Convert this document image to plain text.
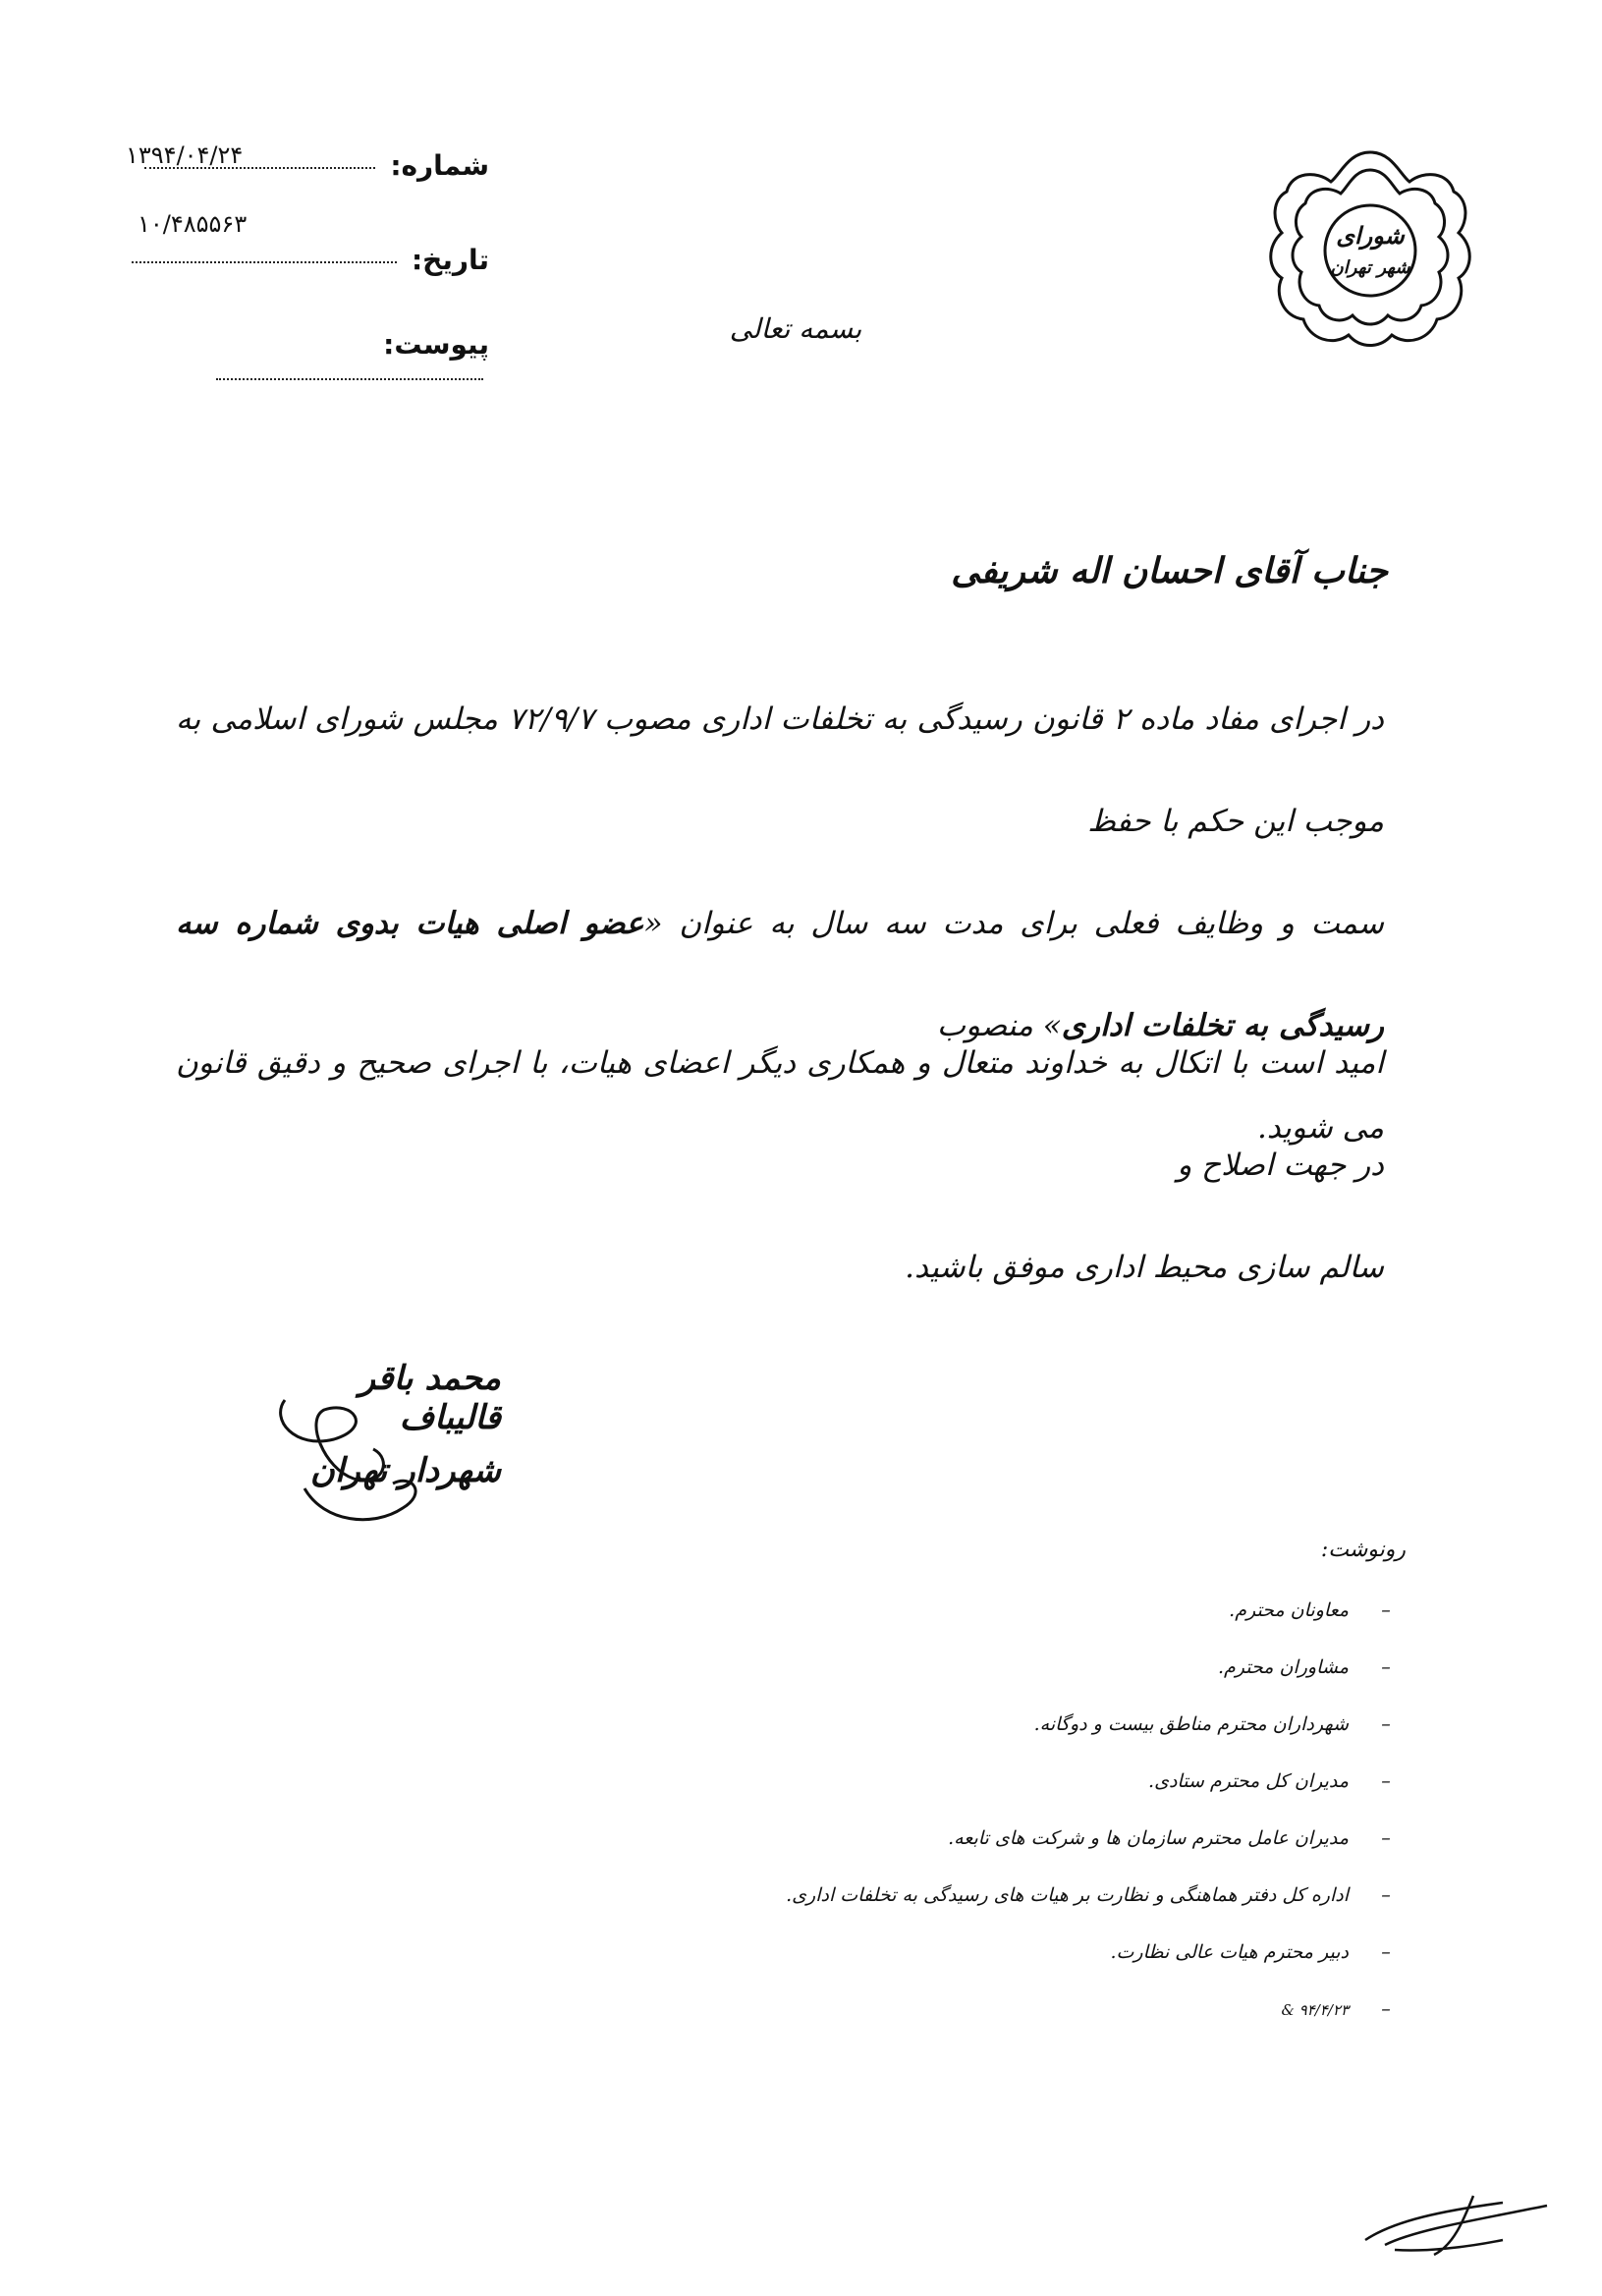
شماره:
۱۳۹۴/۰۴/۲۴
تاریخ:
۱۰/۴۸۵۵۶۳
پیوست:
شورای
شهر تهران
بسمه تعالی
جناب آقای احسان اله شریفی
در اجرای مفاد ماده ۲ قانون رسیدگی به تخلفات اداری مصوب ۷۲/۹/۷ مجلس شورای اسلامی به موجب این حکم با حفظ
سمت و وظایف فعلی برای مدت سه سال به عنوان «عضو اصلی هیات بدوی شماره سه رسیدگی به تخلفات اداری» منصوب
می شوید.
امید است با اتکال به خداوند متعال و همکاری دیگر اعضای هیات، با اجرای صحیح و دقیق قانون در جهت اصلاح و
سالم سازی محیط اداری موفق باشید.
محمد باقر قالیباف
شهردار تهران
رونوشت:
–معاونان محترم.
–مشاوران محترم.
–شهرداران محترم مناطق بیست و دوگانه.
–مدیران کل محترم ستادی.
–مدیران عامل محترم سازمان ها و شرکت های تابعه.
–اداره کل دفتر هماهنگی و نظارت بر هیات های رسیدگی به تخلفات اداری.
–دبیر محترم هیات عالی نظارت.
–۹۴/۴/۲۳ &
